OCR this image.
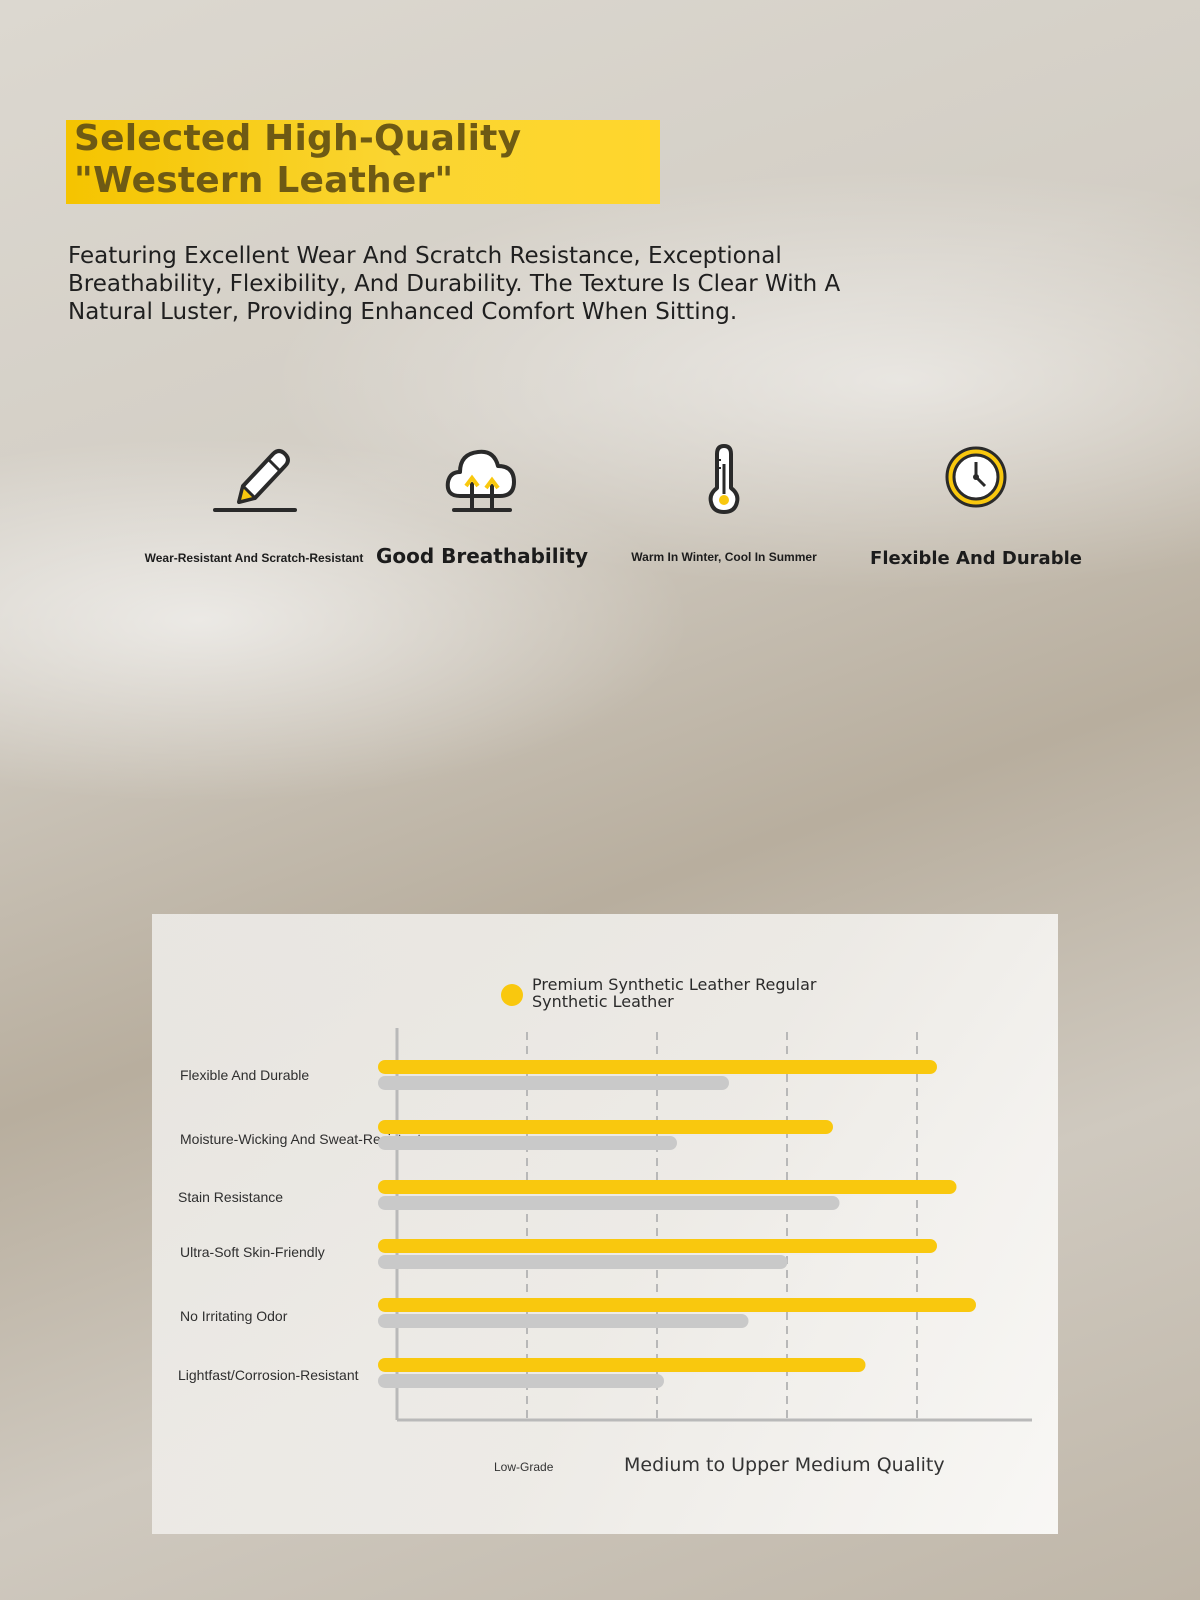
Selected High-Quality
"Western Leather"
Featuring Excellent Wear And Scratch Resistance, Exceptional Breathability, Flexibility, And Durability. The Texture Is Clear With A Natural Luster, Providing Enhanced Comfort When Sitting.
Wear-Resistant And Scratch-Resistant Good Breathability	Warm In Winter, Cool In Summer	Flexible And Durable
Premium Synthetic Leather Regular Synthetic Leather
Flexible And Durable
Moisture-Wicking And Sweat-Resistant
Stain Resistance
Ultra-Soft Skin-Friendly
No Irritating Odor
Lightfast/Corrosion-Resistant
Low-Grade	Medium to Upper Medium Quality
